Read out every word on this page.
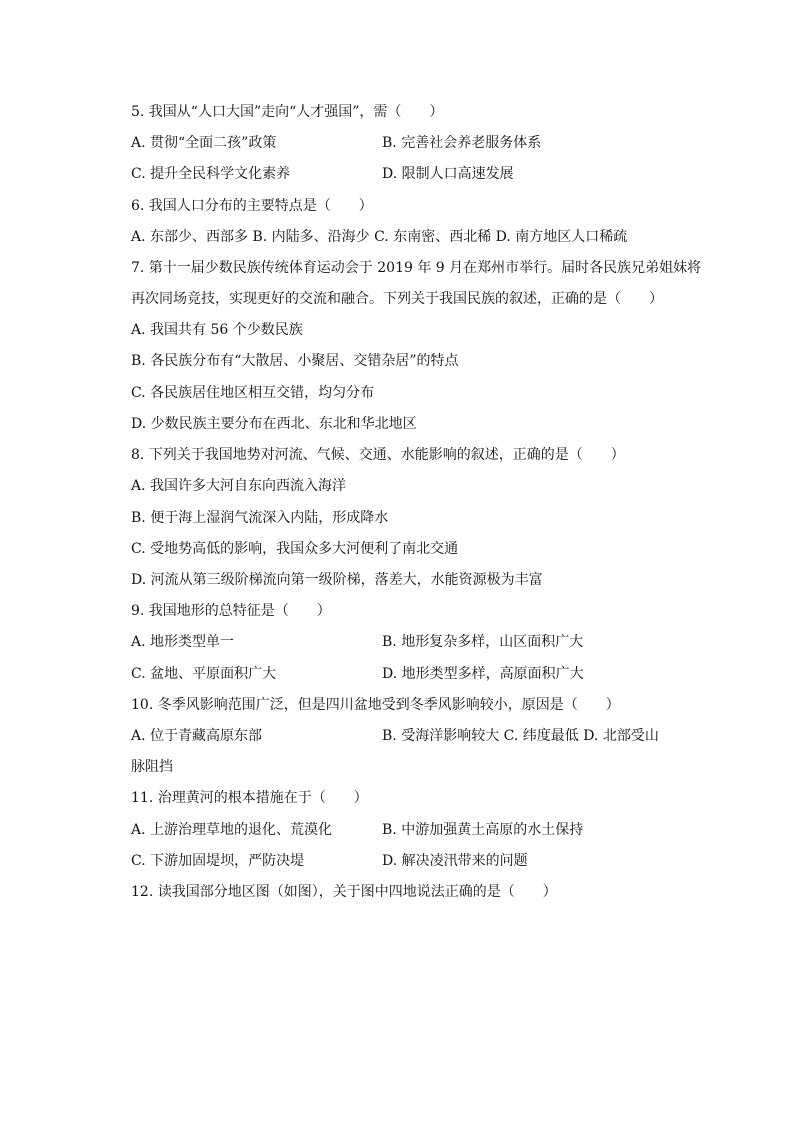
5. 我国从“人口大国”走向“人才强国”，需（　　）
A. 贯彻“全面二孩”政策	B. 完善社会养老服务体系
C. 提升全民科学文化素养	D. 限制人口高速发展
6. 我国人口分布的主要特点是（　　）
A. 东部少、西部多 B. 内陆多、沿海少 C. 东南密、西北稀 D. 南方地区人口稀疏
7. 第十一届少数民族传统体育运动会于 2019 年 9 月在郑州市举行。届时各民族兄弟姐妹将
再次同场竞技，实现更好的交流和融合。下列关于我国民族的叙述，正确的是（　　）
A. 我国共有 56 个少数民族
B. 各民族分布有“大散居、小聚居、交错杂居”的特点
C. 各民族居住地区相互交错，均匀分布
D. 少数民族主要分布在西北、东北和华北地区
8. 下列关于我国地势对河流、气候、交通、水能影响的叙述，正确的是（　　）
A. 我国许多大河自东向西流入海洋
B. 便于海上湿润气流深入内陆，形成降水
C. 受地势高低的影响，我国众多大河便利了南北交通
D. 河流从第三级阶梯流向第一级阶梯，落差大，水能资源极为丰富
9. 我国地形的总特征是（　　）
A. 地形类型单一	B. 地形复杂多样，山区面积广大
C. 盆地、平原面积广大	D. 地形类型多样，高原面积广大
10. 冬季风影响范围广泛，但是四川盆地受到冬季风影响较小，原因是（　　）
A. 位于青藏高原东部	B. 受海洋影响较大 C. 纬度最低 D. 北部受山
脉阻挡
11. 治理黄河的根本措施在于（　　）
A. 上游治理草地的退化、荒漠化	B. 中游加强黄土高原的水土保持
C. 下游加固堤坝，严防决堤	D. 解决凌汛带来的问题
12. 读我国部分地区图（如图），关于图中四地说法正确的是（　　）
